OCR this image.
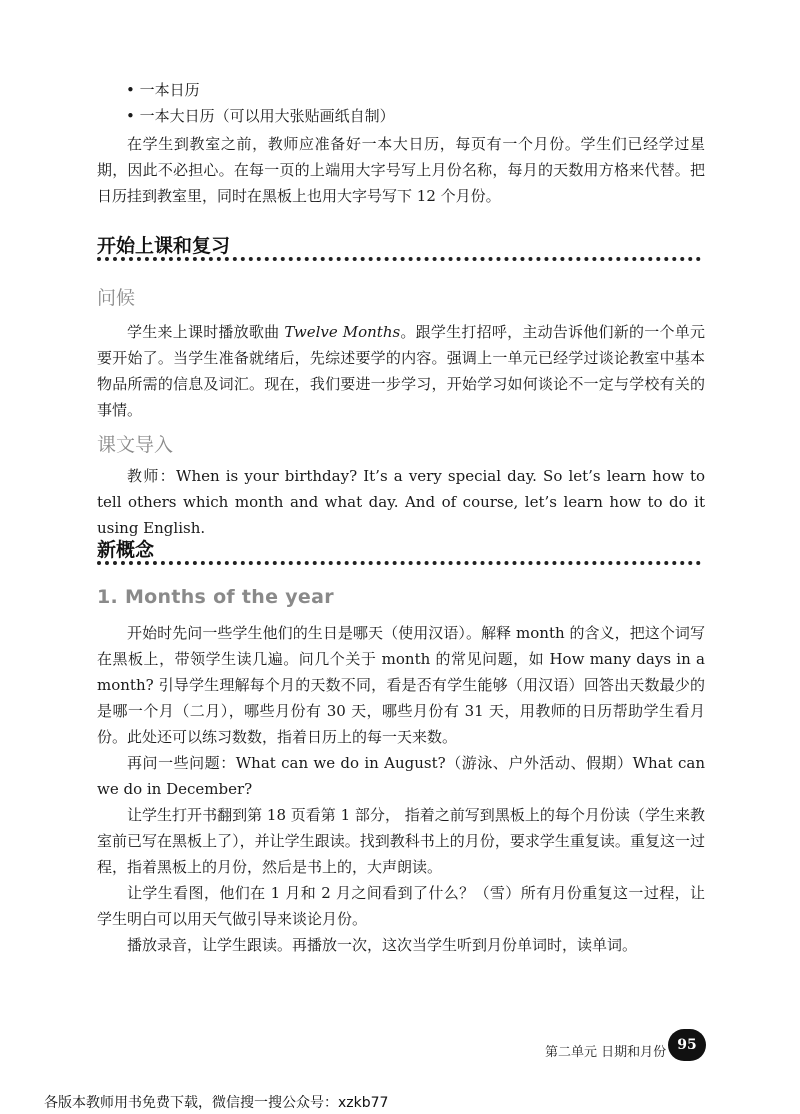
• 一本日历

• 一本大日历（可以用大张贴画纸自制）

在学生到教室之前，教师应准备好一本大日历，每页有一个月份。学生们已经学过星期，因此不必担心。在每一页的上端用大字号写上月份名称，每月的天数用方格来代替。把日历挂到教室里，同时在黑板上也用大字号写下 12 个月份。

开始上课和复习
问候

学生来上课时播放歌曲 Twelve Months。跟学生打招呼，主动告诉他们新的一个单元要开始了。当学生准备就绪后，先综述要学的内容。强调上一单元已经学过谈论教室中基本物品所需的信息及词汇。现在，我们要进一步学习，开始学习如何谈论不一定与学校有关的事情。

课文导入

教师：When is your birthday? It’s a very special day. So let’s learn how to tell others which month and what day. And of course, let’s learn how to do it using English.

新概念
1. Months of the year

开始时先问一些学生他们的生日是哪天（使用汉语）。解释 month 的含义，把这个词写在黑板上，带领学生读几遍。问几个关于 month 的常见问题，如 How many days in a month? 引导学生理解每个月的天数不同，看是否有学生能够（用汉语）回答出天数最少的是哪一个月（二月），哪些月份有 30 天，哪些月份有 31 天，用教师的日历帮助学生看月份。此处还可以练习数数，指着日历上的每一天来数。

再问一些问题：What can we do in August?（游泳、户外活动、假期）What can we do in December?

让学生打开书翻到第 18 页看第 1 部分， 指着之前写到黑板上的每个月份读（学生来教室前已写在黑板上了），并让学生跟读。找到教科书上的月份，要求学生重复读。重复这一过程，指着黑板上的月份，然后是书上的，大声朗读。

让学生看图，他们在 1 月和 2 月之间看到了什么？（雪）所有月份重复这一过程，让学生明白可以用天气做引导来谈论月份。

播放录音，让学生跟读。再播放一次，这次当学生听到月份单词时，读单词。

第二单元 日期和月份 95
各版本教师用书免费下载，微信搜一搜公众号：xzkb77
